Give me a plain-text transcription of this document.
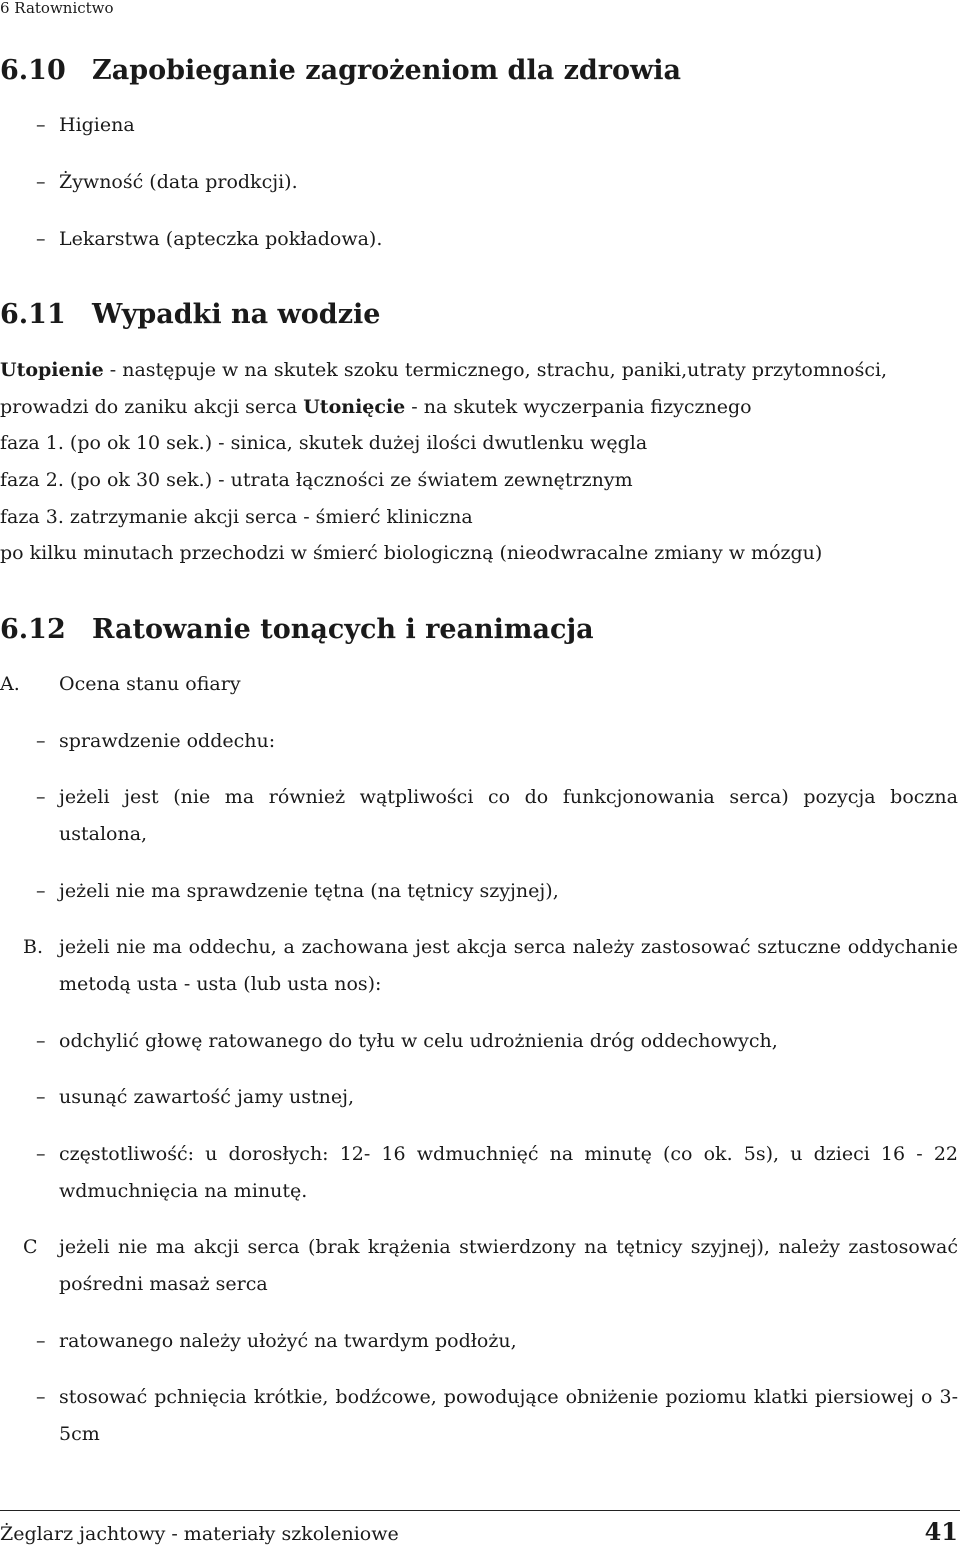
6 Ratownictwo
6.10 Zapobieganie zagrożeniom dla zdrowia
– Higiena
– Żywność (data prodkcji).
– Lekarstwa (apteczka pokładowa).
6.11 Wypadki na wodzie
Utopienie - następuje w na skutek szoku termicznego, strachu, paniki,utraty przytomności,
prowadzi do zaniku akcji serca Utonięcie - na skutek wyczerpania fizycznego
faza 1. (po ok 10 sek.) - sinica, skutek dużej ilości dwutlenku węgla
faza 2. (po ok 30 sek.) - utrata łączności ze światem zewnętrznym
faza 3. zatrzymanie akcji serca - śmierć kliniczna
po kilku minutach przechodzi w śmierć biologiczną (nieodwracalne zmiany w mózgu)
6.12 Ratowanie tonących i reanimacja
A. Ocena stanu ofiary
– sprawdzenie oddechu:
– jeżeli jest (nie ma również wątpliwości co do funkcjonowania serca) pozycja boczna ustalona,
– jeżeli nie ma sprawdzenie tętna (na tętnicy szyjnej),
B. jeżeli nie ma oddechu, a zachowana jest akcja serca należy zastosować sztuczne oddychanie metodą usta - usta (lub usta nos):
– odchylić głowę ratowanego do tyłu w celu udrożnienia dróg oddechowych,
– usunąć zawartość jamy ustnej,
– częstotliwość: u dorosłych: 12- 16 wdmuchnięć na minutę (co ok. 5s), u dzieci 16 - 22 wdmuchnięcia na minutę.
C jeżeli nie ma akcji serca (brak krążenia stwierdzony na tętnicy szyjnej), należy zastosować pośredni masaż serca
– ratowanego należy ułożyć na twardym podłożu,
– stosować pchnięcia krótkie, bodźcowe, powodujące obniżenie poziomu klatki piersiowej o 3-5cm
Żeglarz jachtowy - materiały szkoleniowe	41
